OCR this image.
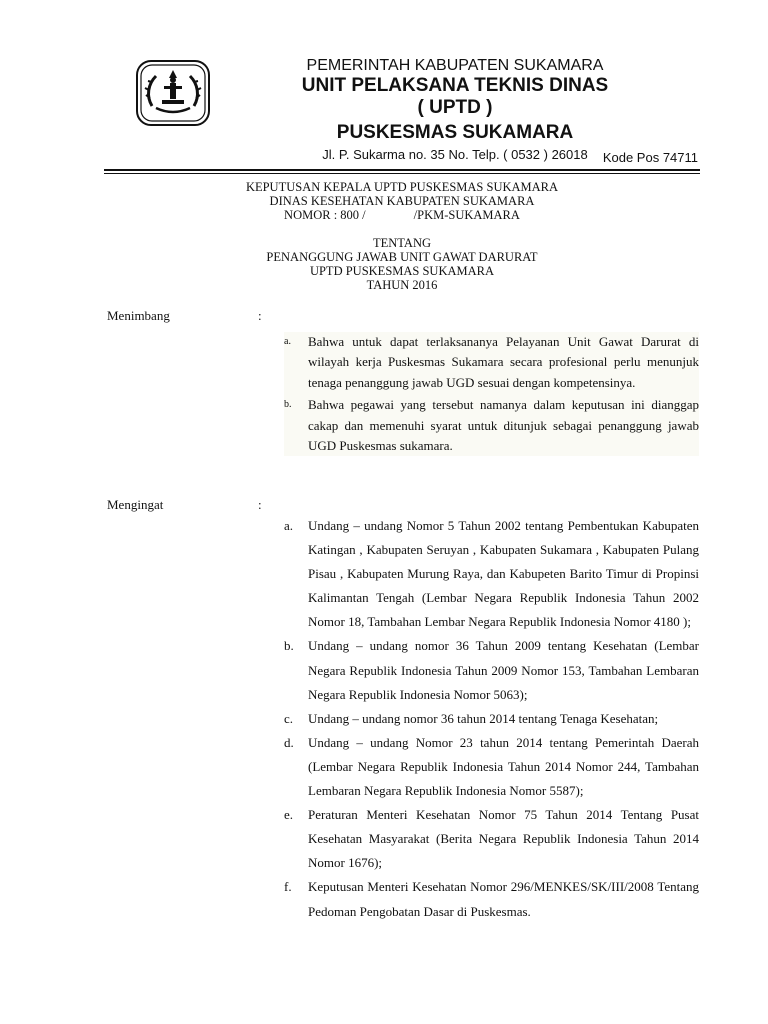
PEMERINTAH KABUPATEN SUKAMARA
UNIT PELAKSANA TEKNIS DINAS
( UPTD )
PUSKESMAS SUKAMARA
Jl. P. Sukarma no. 35 No. Telp. ( 0532 ) 26018	Kode Pos 74711
KEPUTUSAN KEPALA UPTD PUSKESMAS SUKAMARA
DINAS KESEHATAN KABUPATEN SUKAMARA
NOMOR : 800 /	/PKM-SUKAMARA
TENTANG
PENANGGUNG JAWAB UNIT GAWAT DARURAT
UPTD PUSKESMAS SUKAMARA
TAHUN 2016
Menimbang	:
a. Bahwa untuk dapat terlaksananya Pelayanan Unit Gawat Darurat di wilayah kerja Puskesmas Sukamara secara profesional perlu menunjuk tenaga penanggung jawab UGD sesuai dengan kompetensinya.
b. Bahwa pegawai yang tersebut namanya dalam keputusan ini dianggap cakap dan memenuhi syarat untuk ditunjuk sebagai penanggung jawab UGD Puskesmas sukamara.
Mengingat	:
a. Undang – undang Nomor 5 Tahun 2002 tentang Pembentukan Kabupaten Katingan , Kabupaten Seruyan , Kabupaten Sukamara , Kabupaten Pulang Pisau , Kabupaten Murung Raya, dan Kabupeten Barito Timur di Propinsi Kalimantan Tengah (Lembar Negara Republik Indonesia Tahun 2002 Nomor 18, Tambahan Lembar Negara Republik Indonesia Nomor 4180 );
b. Undang – undang nomor 36 Tahun 2009 tentang Kesehatan (Lembar Negara Republik Indonesia Tahun 2009 Nomor 153, Tambahan Lembaran Negara Republik Indonesia Nomor 5063);
c. Undang – undang nomor 36 tahun 2014 tentang Tenaga Kesehatan;
d. Undang – undang Nomor 23 tahun 2014 tentang Pemerintah Daerah (Lembar Negara Republik Indonesia Tahun 2014 Nomor 244, Tambahan Lembaran Negara Republik Indonesia Nomor 5587);
e. Peraturan Menteri Kesehatan Nomor 75 Tahun 2014 Tentang Pusat Kesehatan Masyarakat (Berita Negara Republik Indonesia Tahun 2014 Nomor 1676);
f. Keputusan Menteri Kesehatan Nomor 296/MENKES/SK/III/2008 Tentang Pedoman Pengobatan Dasar di Puskesmas.
